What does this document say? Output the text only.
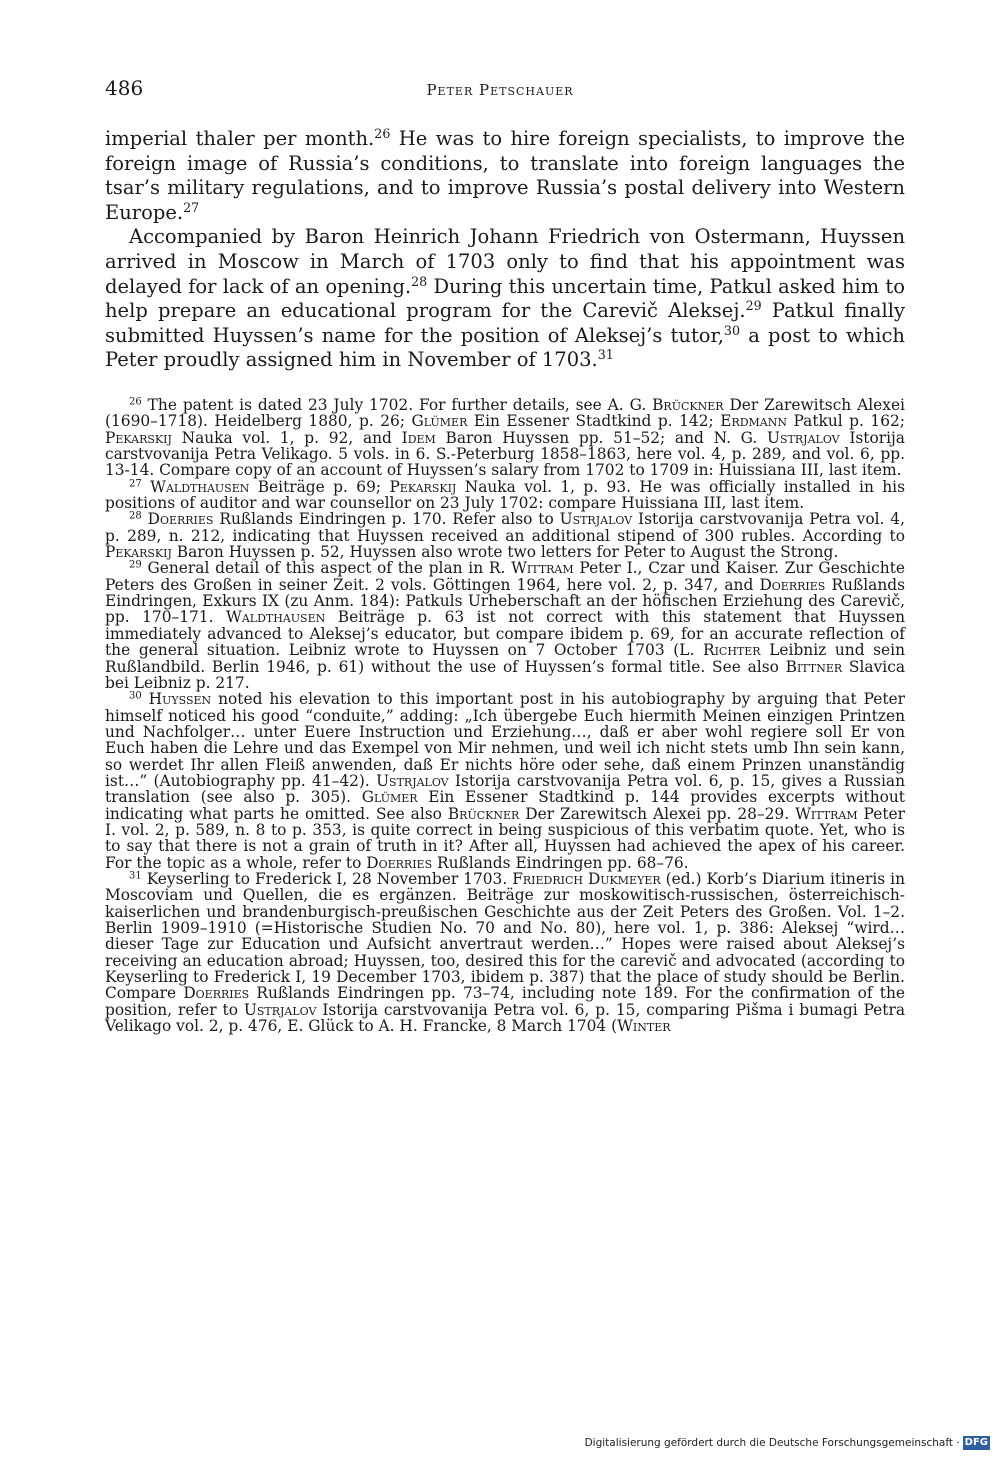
486	Peter Petschauer

imperial thaler per month.$^{26}$ He was to hire foreign specialists, to improve the foreign image of Russia’s conditions, to translate into foreign languages the tsar’s military regulations, and to improve Russia’s postal delivery into Western Europe.$^{27}$

Accompanied by Baron Heinrich Johann Friedrich von Ostermann, Huyssen arrived in Moscow in March of 1703 only to find that his appointment was delayed for lack of an opening.$^{28}$ During this uncertain time, Patkul asked him to help prepare an educational program for the Carevič Aleksej.$^{29}$ Patkul finally submitted Huyssen’s name for the position of Aleksej’s tutor,$^{30}$ a post to which Peter proudly assigned him in November of 1703.31

$^{26}$ The patent is dated 23 July 1702. For further details, see A. G. Brückner Der Zarewitsch Alexei (1690–1718). Heidelberg 1880, p. 26; Glümer Ein Essener Stadtkind p. 142; Erdmann Patkul p. 162; Pekarskij Nauka vol. 1, p. 92, and Idem Baron Huyssen pp. 51–52; and N. G. Ustrjalov Istorija carstvovanija Petra Velikago. 5 vols. in 6. S.-Peterburg 1858–1863, here vol. 4, p. 289, and vol. 6, pp. 13-14. Compare copy of an account of Huyssen’s salary from 1702 to 1709 in: Huissiana III, last item.

$^{27}$ Waldthausen Beiträge p. 69; Pekarskij Nauka vol. 1, p. 93. He was officially installed in his positions of auditor and war counsellor on 23 July 1702: compare Huissiana III, last item.

$^{28}$ Doerries Rußlands Eindringen p. 170. Refer also to Ustrjalov Istorija carstvovanija Petra vol. 4, p. 289, n. 212, indicating that Huyssen received an additional stipend of 300 rubles. According to Pekarskij Baron Huyssen p. 52, Huyssen also wrote two letters for Peter to August the Strong.

$^{29}$ General detail of this aspect of the plan in R. Wittram Peter I., Czar und Kaiser. Zur Geschichte Peters des Großen in seiner Zeit. 2 vols. Göttingen 1964, here vol. 2, p. 347, and Doerries Rußlands Eindringen, Exkurs IX (zu Anm. 184): Patkuls Urheberschaft an der höfischen Erziehung des Carevič, pp. 170–171. Waldthausen Beiträge p. 63 ist not correct with this statement that Huyssen immediately advanced to Aleksej’s educator, but compare ibidem p. 69, for an accurate reflection of the general situation. Leibniz wrote to Huyssen on 7 October 1703 (L. Richter Leibniz und sein Rußlandbild. Berlin 1946, p. 61) without the use of Huyssen’s formal title. See also Bittner Slavica bei Leibniz p. 217.

$^{30}$ Huyssen noted his elevation to this important post in his autobiography by arguing that Peter himself noticed his good “conduite,” adding: „Ich übergebe Euch hiermith Meinen einzigen Printzen und Nachfolger… unter Euere Instruction und Erziehung…, daß er aber wohl regiere soll Er von Euch haben die Lehre und das Exempel von Mir nehmen, und weil ich nicht stets umb Ihn sein kann, so werdet Ihr allen Fleiß anwenden, daß Er nichts höre oder sehe, daß einem Prinzen unanständig ist…” (Autobiography pp. 41–42). Ustrjalov Istorija carstvovanija Petra vol. 6, p. 15, gives a Russian translation (see also p. 305). Glümer Ein Essener Stadtkind p. 144 provides excerpts without indicating what parts he omitted. See also Brückner Der Zarewitsch Alexei pp. 28–29. Wittram Peter I. vol. 2, p. 589, n. 8 to p. 353, is quite correct in being suspicious of this verbatim quote. Yet, who is to say that there is not a grain of truth in it? After all, Huyssen had achieved the apex of his career. For the topic as a whole, refer to Doerries Rußlands Eindringen pp. 68–76.

$^{31}$ Keyserling to Frederick I, 28 November 1703. Friedrich Dukmeyer (ed.) Korb’s Diarium itineris in Moscoviam und Quellen, die es ergänzen. Beiträge zur moskowitisch-russischen, österreichisch-kaiserlichen und brandenburgisch-preußischen Geschichte aus der Zeit Peters des Großen. Vol. 1–2. Berlin 1909–1910 (=Historische Studien No. 70 and No. 80), here vol. 1, p. 386: Aleksej “wird… dieser Tage zur Education und Aufsicht anvertraut werden…” Hopes were raised about Aleksej’s receiving an education abroad; Huyssen, too, desired this for the carevič and advocated (according to Keyserling to Frederick I, 19 December 1703, ibidem p. 387) that the place of study should be Berlin. Compare Doerries Rußlands Eindringen pp. 73–74, including note 189. For the confirmation of the position, refer to Ustrjalov Istorija carstvovanija Petra vol. 6, p. 15, comparing Pišma i bumagi Petra Velikago vol. 2, p. 476, E. Glück to A. H. Francke, 8 March 1704 (Winter

Digitalisierung gefördert durch die Deutsche Forschungsgemeinschaft · DFG
